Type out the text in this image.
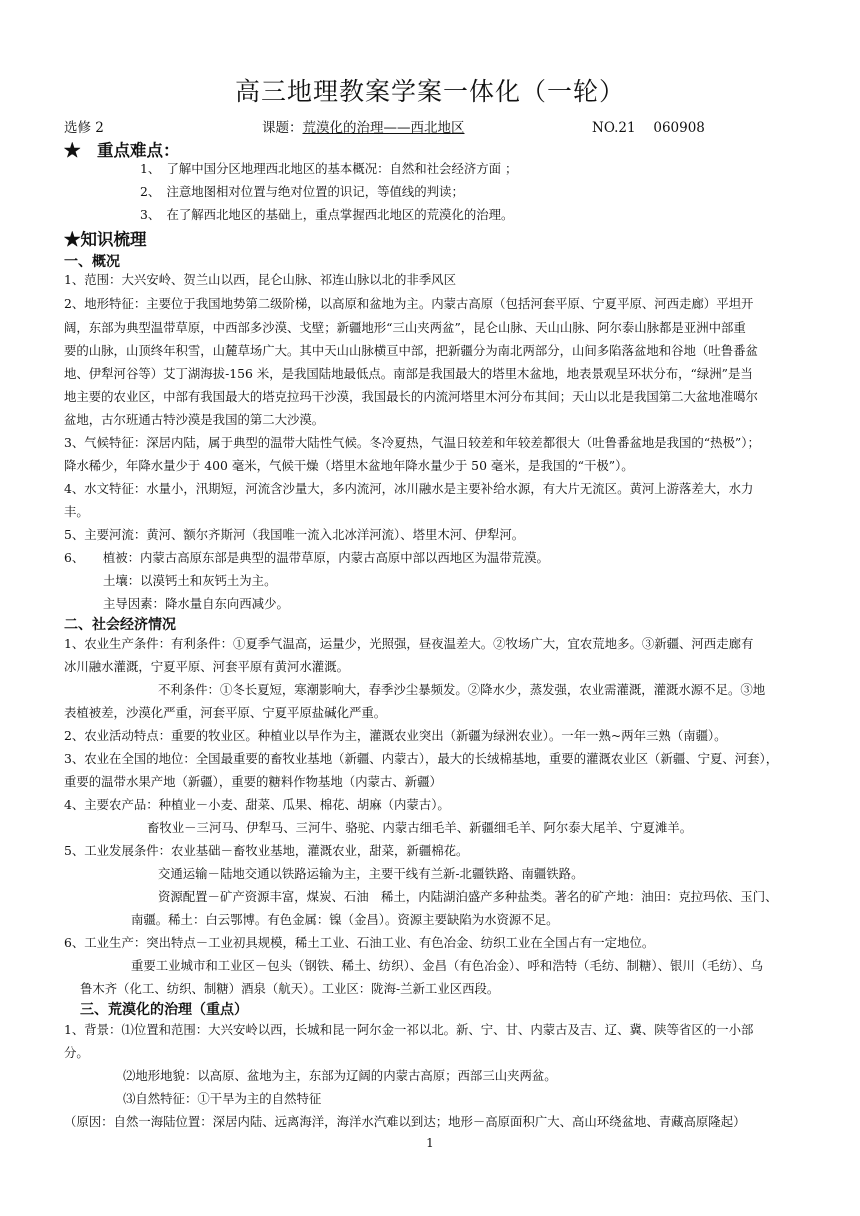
高三地理教案学案一体化（一轮）
选修 2	课题：荒漠化的治理——西北地区	NO.21　 060908
★　重点难点：
1、　了解中国分区地理西北地区的基本概况：自然和社会经济方面 ；
2、　注意地图相对位置与绝对位置的识记，等值线的判读；
3、　在了解西北地区的基础上，重点掌握西北地区的荒漠化的治理。
★知识梳理
一、概况
1、范围：大兴安岭、贺兰山以西，昆仑山脉、祁连山脉以北的非季风区
2、地形特征：主要位于我国地势第二级阶梯，以高原和盆地为主。内蒙古高原（包括河套平原、宁夏平原、河西走廊）平坦开
阔，东部为典型温带草原，中西部多沙漠、戈壁；新疆地形“三山夹两盆”，昆仑山脉、天山山脉、阿尔泰山脉都是亚洲中部重
要的山脉，山顶终年积雪，山麓草场广大。其中天山山脉横亘中部，把新疆分为南北两部分，山间多陷落盆地和谷地（吐鲁番盆
地、伊犁河谷等）艾丁湖海拔-156 米，是我国陆地最低点。南部是我国最大的塔里木盆地，地表景观呈环状分布，“绿洲”是当
地主要的农业区，中部有我国最大的塔克拉玛干沙漠，我国最长的内流河塔里木河分布其间；天山以北是我国第二大盆地准噶尔
盆地，古尔班通古特沙漠是我国的第二大沙漠。
3、气候特征：深居内陆，属于典型的温带大陆性气候。冬冷夏热，气温日较差和年较差都很大（吐鲁番盆地是我国的“热极”）；
降水稀少，年降水量少于 400 毫米，气候干燥（塔里木盆地年降水量少于 50 毫米，是我国的“干极”）。
4、水文特征：水量小，汛期短，河流含沙量大，多内流河，冰川融水是主要补给水源，有大片无流区。黄河上游落差大，水力
丰。
5、主要河流：黄河、额尔齐斯河（我国唯一流入北冰洋河流）、塔里木河、伊犁河。
6、　　植被：内蒙古高原东部是典型的温带草原，内蒙古高原中部以西地区为温带荒漠。
土壤：以漠钙土和灰钙土为主。
主导因素：降水量自东向西减少。
二、社会经济情况
1、农业生产条件：有利条件：①夏季气温高，运量少，光照强，昼夜温差大。②牧场广大，宜农荒地多。③新疆、河西走廊有
冰川融水灌溉，宁夏平原、河套平原有黄河水灌溉。
不利条件：①冬长夏短，寒潮影响大，春季沙尘暴频发。②降水少，蒸发强，农业需灌溉，灌溉水源不足。③地
表植被差，沙漠化严重，河套平原、宁夏平原盐碱化严重。
2、农业活动特点：重要的牧业区。种植业以旱作为主，灌溉农业突出（新疆为绿洲农业）。一年一熟~两年三熟（南疆）。
3、农业在全国的地位：全国最重要的畜牧业基地（新疆、内蒙古），最大的长绒棉基地，重要的灌溉农业区（新疆、宁夏、河套），
重要的温带水果产地（新疆），重要的糖料作物基地（内蒙古、新疆）
4、主要农产品：种植业－小麦、甜菜、瓜果、棉花、胡麻（内蒙古）。
畜牧业－三河马、伊犁马、三河牛、骆驼、内蒙古细毛羊、新疆细毛羊、阿尔泰大尾羊、宁夏滩羊。
5、工业发展条件：农业基础－畜牧业基地，灌溉农业，甜菜，新疆棉花。
交通运输－陆地交通以铁路运输为主，主要干线有兰新-北疆铁路、南疆铁路。
资源配置－矿产资源丰富，煤炭、石油　稀土，内陆湖泊盛产多种盐类。著名的矿产地：油田：克拉玛依、玉门、
南疆。稀土：白云鄂博。有色金属：镍（金昌）。资源主要缺陷为水资源不足。
6、工业生产：突出特点－工业初具规模，稀土工业、石油工业、有色冶金、纺织工业在全国占有一定地位。
重要工业城市和工业区－包头（钢铁、稀土、纺织）、金昌（有色冶金）、呼和浩特（毛纺、制糖）、银川（毛纺）、乌
鲁木齐（化工、纺织、制糖）酒泉（航天）。工业区：陇海-兰新工业区西段。
三、荒漠化的治理（重点）
1、背景：⑴位置和范围：大兴安岭以西，长城和昆一阿尔金一祁以北。新、宁、甘、内蒙古及吉、辽、冀、陕等省区的一小部
分。
⑵地形地貌：以高原、盆地为主，东部为辽阔的内蒙古高原；西部三山夹两盆。
⑶自然特征：①干旱为主的自然特征
（原因：自然一海陆位置：深居内陆、远离海洋，海洋水汽难以到达；地形－高原面积广大、高山环绕盆地、青藏高原隆起）
1
